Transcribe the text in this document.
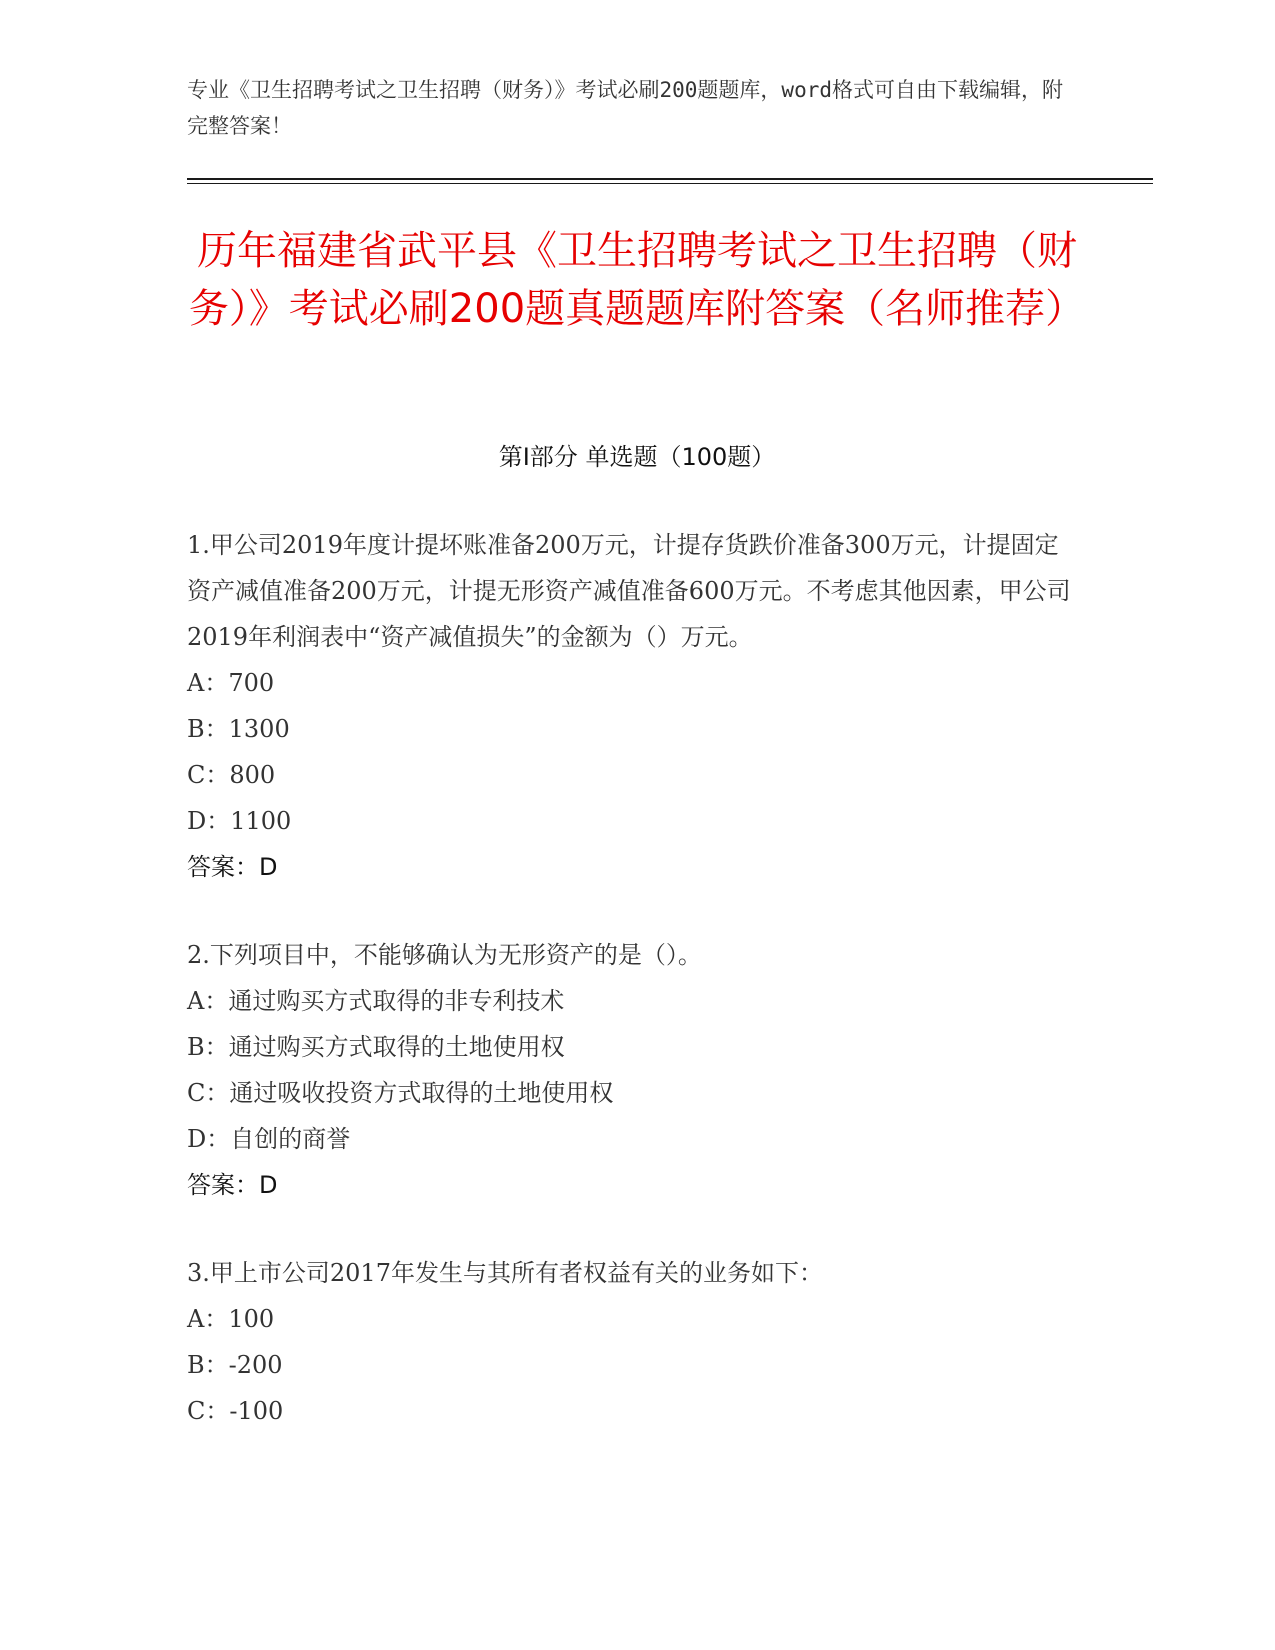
专业《卫生招聘考试之卫生招聘（财务）》考试必刷200题题库，word格式可自由下载编辑，附完整答案！
历年福建省武平县《卫生招聘考试之卫生招聘（财务）》考试必刷200题真题题库附答案（名师推荐）
第Ⅰ部分 单选题（100题）

1.甲公司2019年度计提坏账准备200万元，计提存货跌价准备300万元，计提固定资产减值准备200万元，计提无形资产减值准备600万元。不考虑其他因素，甲公司2019年利润表中“资产减值损失”的金额为（）万元。

A：700

B：1300

C：800

D：1100

答案：D

2.下列项目中，不能够确认为无形资产的是（）。

A：通过购买方式取得的非专利技术

B：通过购买方式取得的土地使用权

C：通过吸收投资方式取得的土地使用权

D：自创的商誉

答案：D

3.甲上市公司2017年发生与其所有者权益有关的业务如下：

A：100

B：-200

C：-100
